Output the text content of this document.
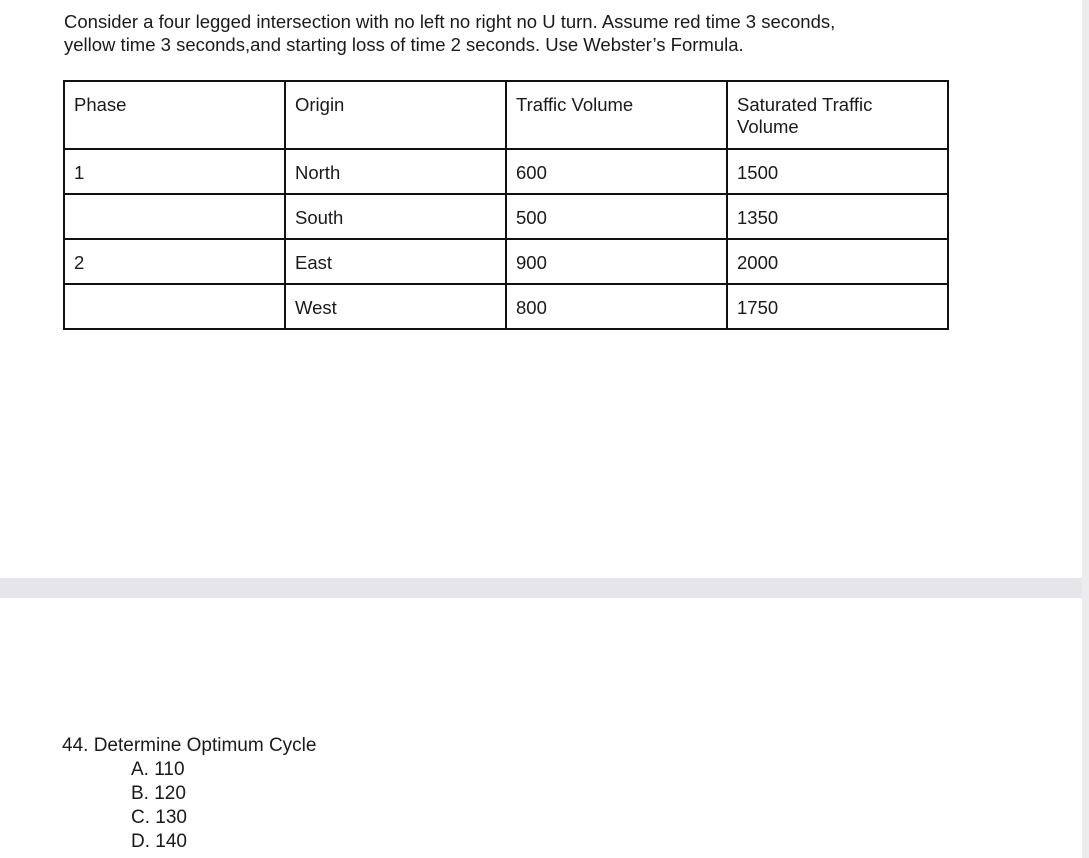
Consider a four legged intersection with no left no right no U turn. Assume red time 3 seconds,
yellow time 3 seconds,and starting loss of time 2 seconds. Use Webster’s Formula.
Phase	Origin	Traffic Volume	Saturated Traffic
Volume

1	North	600	1500
	South	500	1350
2	East	900	2000
	West	800	1750

44. Determine Optimum Cycle

A. 110
B. 120
C. 130
D. 140
